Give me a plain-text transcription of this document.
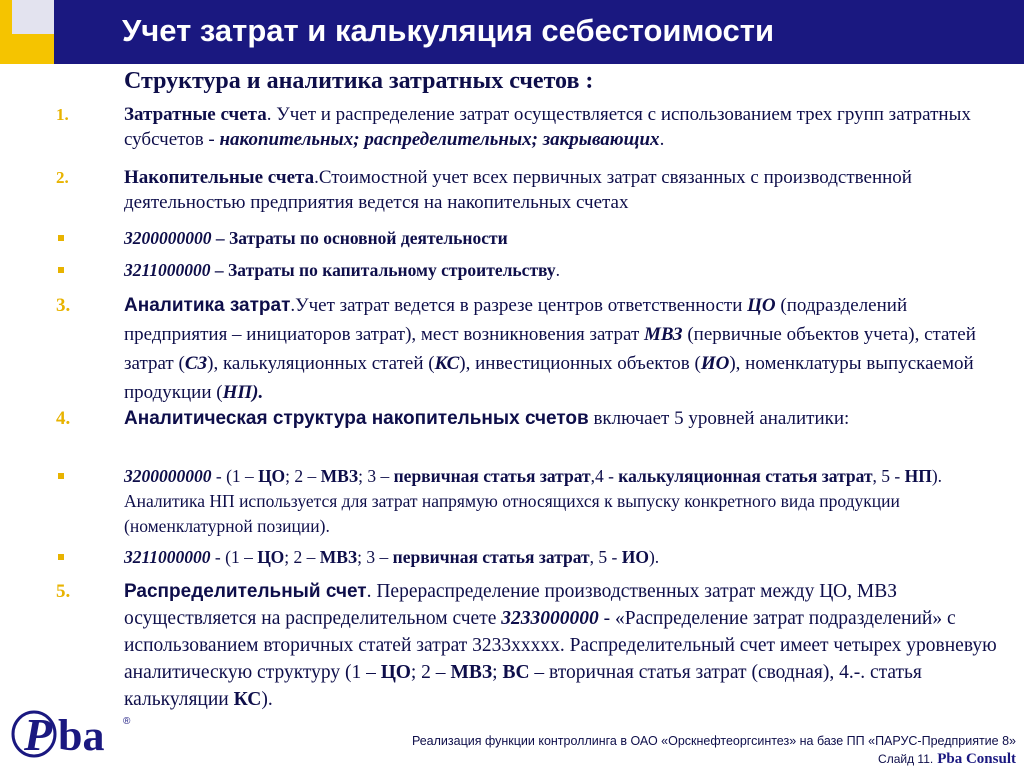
Учет затрат и калькуляция себестоимости
Структура и аналитика затратных счетов :
1.	Затратные счета. Учет и распределение затрат осуществляется с использованием трех групп затратных субсчетов - накопительных; распределительных; закрывающих.
2.	Накопительные счета.Стоимостной учет всех первичных затрат связанных с производственной деятельностью предприятия ведется на накопительных счетах
3200000000 – Затраты по основной деятельности
3211000000 – Затраты по капитальному строительству.
3.	Аналитика затрат.Учет затрат ведется в разрезе центров ответственности ЦО (подразделений предприятия – инициаторов затрат), мест возникновения затрат МВЗ (первичные объектов учета), статей затрат (СЗ), калькуляционных статей (КС), инвестиционных объектов (ИО), номенклатуры выпускаемой продукции (НП).
4.	Аналитическая структура накопительных счетов включает 5 уровней аналитики:
3200000000 - (1 – ЦО; 2 – МВЗ; 3 – первичная статья затрат,4 - калькуляционная статья затрат, 5 - НП). Аналитика НП используется для затрат напрямую относящихся к выпуску конкретного вида продукции (номенклатурной позиции).
3211000000 - (1 – ЦО; 2 – МВЗ; 3 – первичная статья затрат, 5 - ИО).
5.	Распределительный счет. Перераспределение производственных затрат между ЦО, МВЗ осуществляется на распределительном счете 3233000000 - «Распределение затрат подразделений» с использованием вторичных статей затрат 3233ххххх. Распределительный счет имеет четырех уровневую аналитическую структуру (1 – ЦО; 2 – МВЗ; ВС – вторичная статья затрат (сводная), 4.-. статья калькуляции КС).
P ba ®
Реализация функции контроллинга в ОАО «Орскнефтеоргсинтез» на базе ПП «ПАРУС-Предприятие 8»
Слайд 11. Pba Consult
